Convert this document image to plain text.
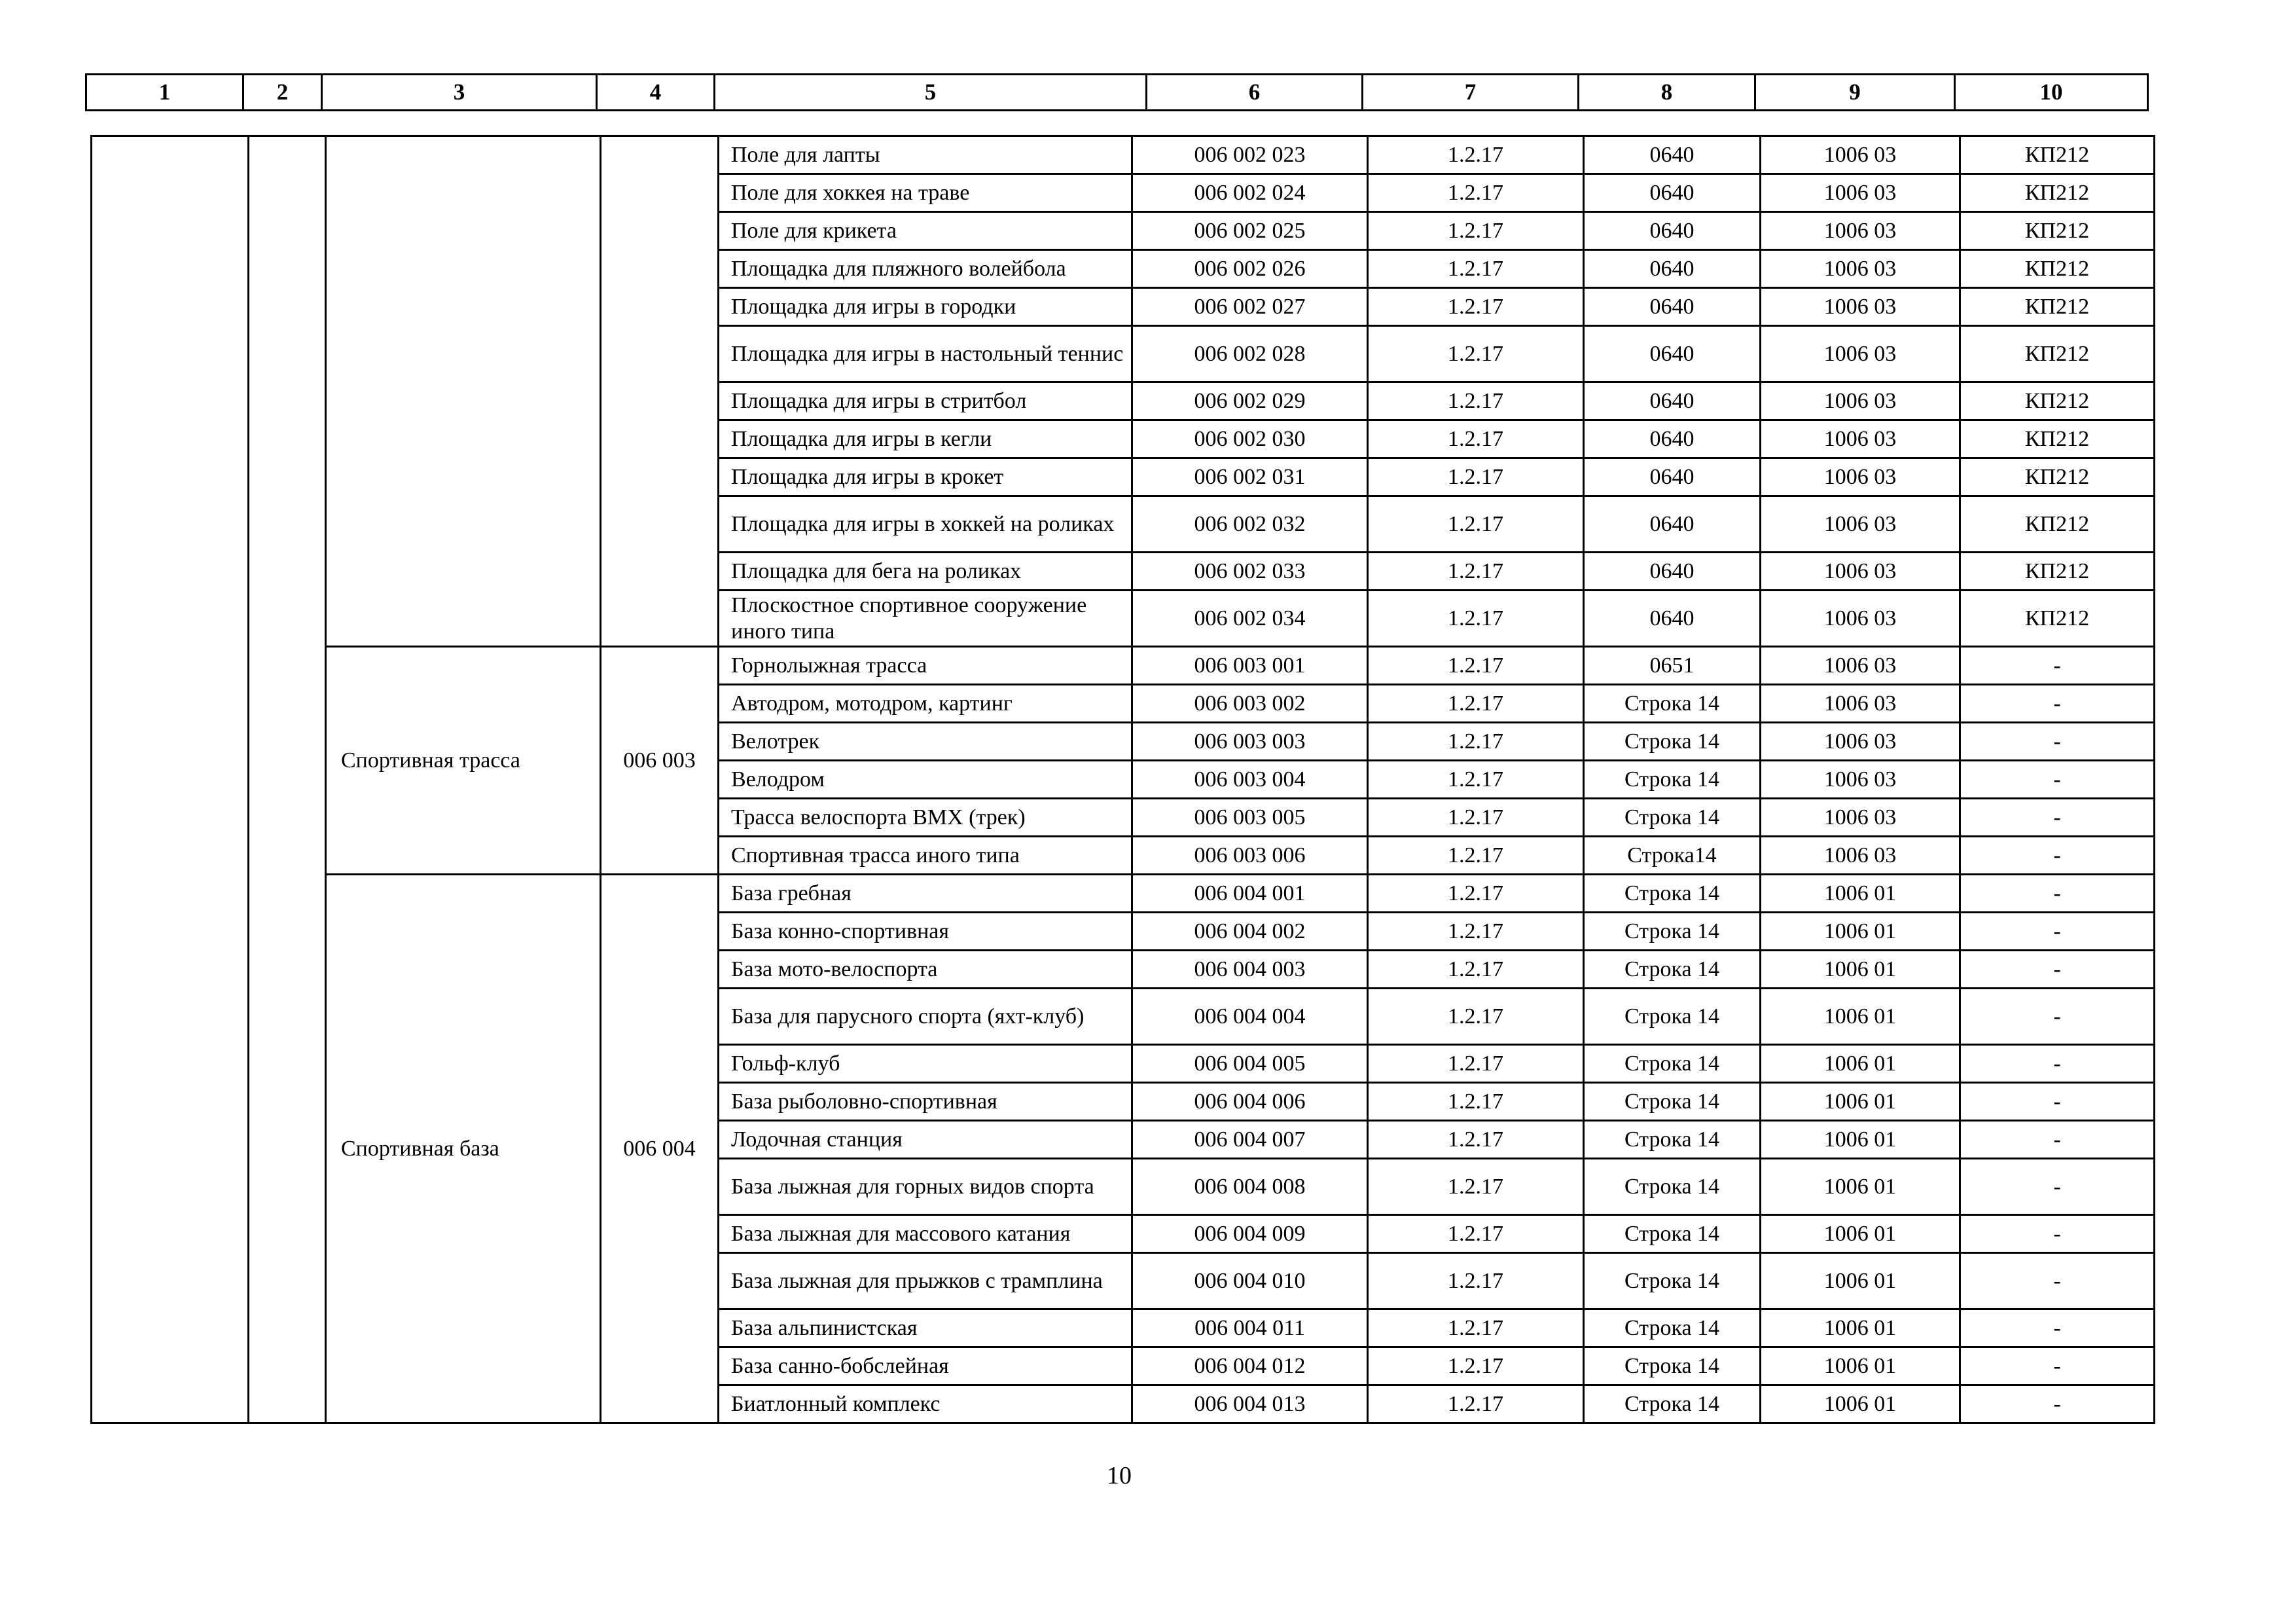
1	2	3	4	5	6	7	8	9	10
				Поле для лапты	006 002 023	1.2.17	0640	1006 03	КП212
				Поле для хоккея на траве	006 002 024	1.2.17	0640	1006 03	КП212
				Поле для крикета	006 002 025	1.2.17	0640	1006 03	КП212
				Площадка для пляжного волейбола	006 002 026	1.2.17	0640	1006 03	КП212
				Площадка для игры в городки	006 002 027	1.2.17	0640	1006 03	КП212
				Площадка для игры в настольный теннис	006 002 028	1.2.17	0640	1006 03	КП212
				Площадка для игры в стритбол	006 002 029	1.2.17	0640	1006 03	КП212
				Площадка для игры в кегли	006 002 030	1.2.17	0640	1006 03	КП212
				Площадка для игры в крокет	006 002 031	1.2.17	0640	1006 03	КП212
				Площадка для игры в хоккей на роликах	006 002 032	1.2.17	0640	1006 03	КП212
				Площадка для бега на роликах	006 002 033	1.2.17	0640	1006 03	КП212
				Плоскостное спортивное сооружение иного типа	006 002 034	1.2.17	0640	1006 03	КП212
		Спортивная трасса	006 003	Горнолыжная трасса	006 003 001	1.2.17	0651	1006 03	-
				Автодром, мотодром, картинг	006 003 002	1.2.17	Строка 14	1006 03	-
				Велотрек	006 003 003	1.2.17	Строка 14	1006 03	-
				Велодром	006 003 004	1.2.17	Строка 14	1006 03	-
				Трасса велоспорта BMX (трек)	006 003 005	1.2.17	Строка 14	1006 03	-
				Спортивная трасса иного типа	006 003 006	1.2.17	Строка14	1006 03	-
		Спортивная база	006 004	База гребная	006 004 001	1.2.17	Строка 14	1006 01	-
				База конно-спортивная	006 004 002	1.2.17	Строка 14	1006 01	-
				База мото-велоспорта	006 004 003	1.2.17	Строка 14	1006 01	-
				База для парусного спорта (яхт-клуб)	006 004 004	1.2.17	Строка 14	1006 01	-
				Гольф-клуб	006 004 005	1.2.17	Строка 14	1006 01	-
				База рыболовно-спортивная	006 004 006	1.2.17	Строка 14	1006 01	-
				Лодочная станция	006 004 007	1.2.17	Строка 14	1006 01	-
				База лыжная для горных видов спорта	006 004 008	1.2.17	Строка 14	1006 01	-
				База лыжная для массового катания	006 004 009	1.2.17	Строка 14	1006 01	-
				База лыжная для прыжков с трамплина	006 004 010	1.2.17	Строка 14	1006 01	-
				База альпинистская	006 004 011	1.2.17	Строка 14	1006 01	-
				База санно-бобслейная	006 004 012	1.2.17	Строка 14	1006 01	-
				Биатлонный комплекс	006 004 013	1.2.17	Строка 14	1006 01	-
10
